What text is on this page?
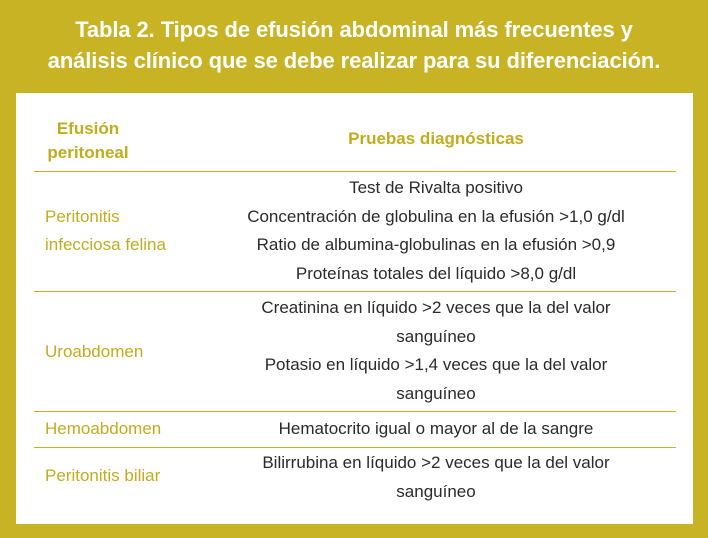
Tabla 2. Tipos de efusión abdominal más frecuentes y
análisis clínico que se debe realizar para su diferenciación.
Efusión
peritoneal
Pruebas diagnósticas
Peritonitis
infecciosa felina
Test de Rivalta positivo
Concentración de globulina en la efusión >1,0 g/dl
Ratio de albumina-globulinas en la efusión >0,9
Proteínas totales del líquido >8,0 g/dl
Uroabdomen
Creatinina en líquido >2 veces que la del valor
sanguíneo
Potasio en líquido >1,4 veces que la del valor
sanguíneo
Hemoabdomen	Hematocrito igual o mayor al de la sangre
Peritonitis biliar
Bilirrubina en líquido >2 veces que la del valor
sanguíneo
